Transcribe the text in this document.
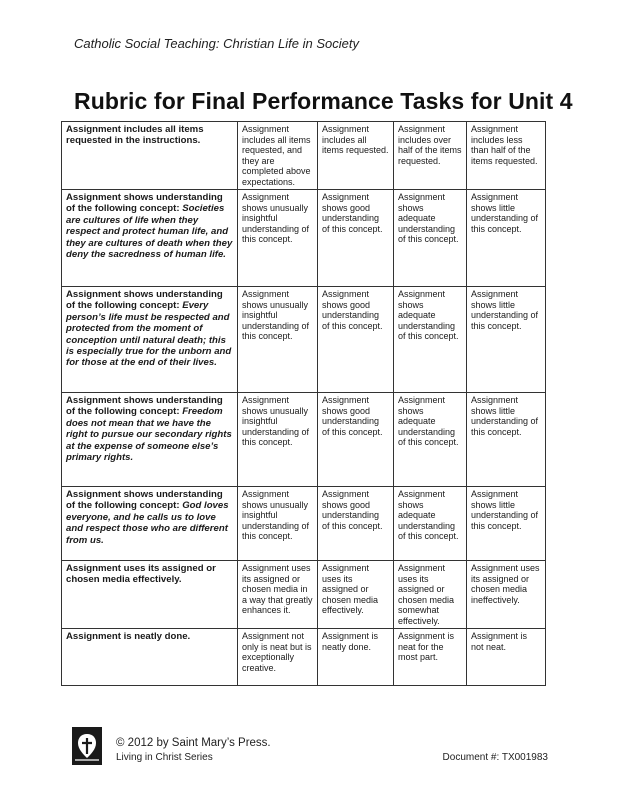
Catholic Social Teaching: Christian Life in Society
Rubric for Final Performance Tasks for Unit 4
Assignment includes all items requested in the instructions.	Assignment includes all items requested, and they are completed above expectations.	Assignment includes all items requested.	Assignment includes over half of the items requested.	Assignment includes less than half of the items requested.
Assignment shows understanding of the following concept: Societies are cultures of life when they respect and protect human life, and they are cultures of death when they deny the sacredness of human life.	Assignment shows unusually insightful understanding of this concept.	Assignment shows good understanding of this concept.	Assignment shows adequate understanding of this concept.	Assignment shows little understanding of this concept.
Assignment shows understanding of the following concept: Every person’s life must be respected and protected from the moment of conception until natural death; this is especially true for the unborn and for those at the end of their lives.	Assignment shows unusually insightful understanding of this concept.	Assignment shows good understanding of this concept.	Assignment shows adequate understanding of this concept.	Assignment shows little understanding of this concept.
Assignment shows understanding of the following concept: Freedom does not mean that we have the right to pursue our secondary rights at the expense of someone else’s primary rights.	Assignment shows unusually insightful understanding of this concept.	Assignment shows good understanding of this concept.	Assignment shows adequate understanding of this concept.	Assignment shows little understanding of this concept.
Assignment shows understanding of the following concept: God loves everyone, and he calls us to love and respect those who are different from us.	Assignment shows unusually insightful understanding of this concept.	Assignment shows good understanding of this concept.	Assignment shows adequate understanding of this concept.	Assignment shows little understanding of this concept.
Assignment uses its assigned or chosen media effectively.	Assignment uses its assigned or chosen media in a way that greatly enhances it.	Assignment uses its assigned or chosen media effectively.	Assignment uses its assigned or chosen media somewhat effectively.	Assignment uses its assigned or chosen media ineffectively.
Assignment is neatly done.	Assignment not only is neat but is exceptionally creative.	Assignment is neatly done.	Assignment is neat for the most part.	Assignment is not neat.
© 2012 by Saint Mary’s Press.
Living in Christ Series	Document #: TX001983
